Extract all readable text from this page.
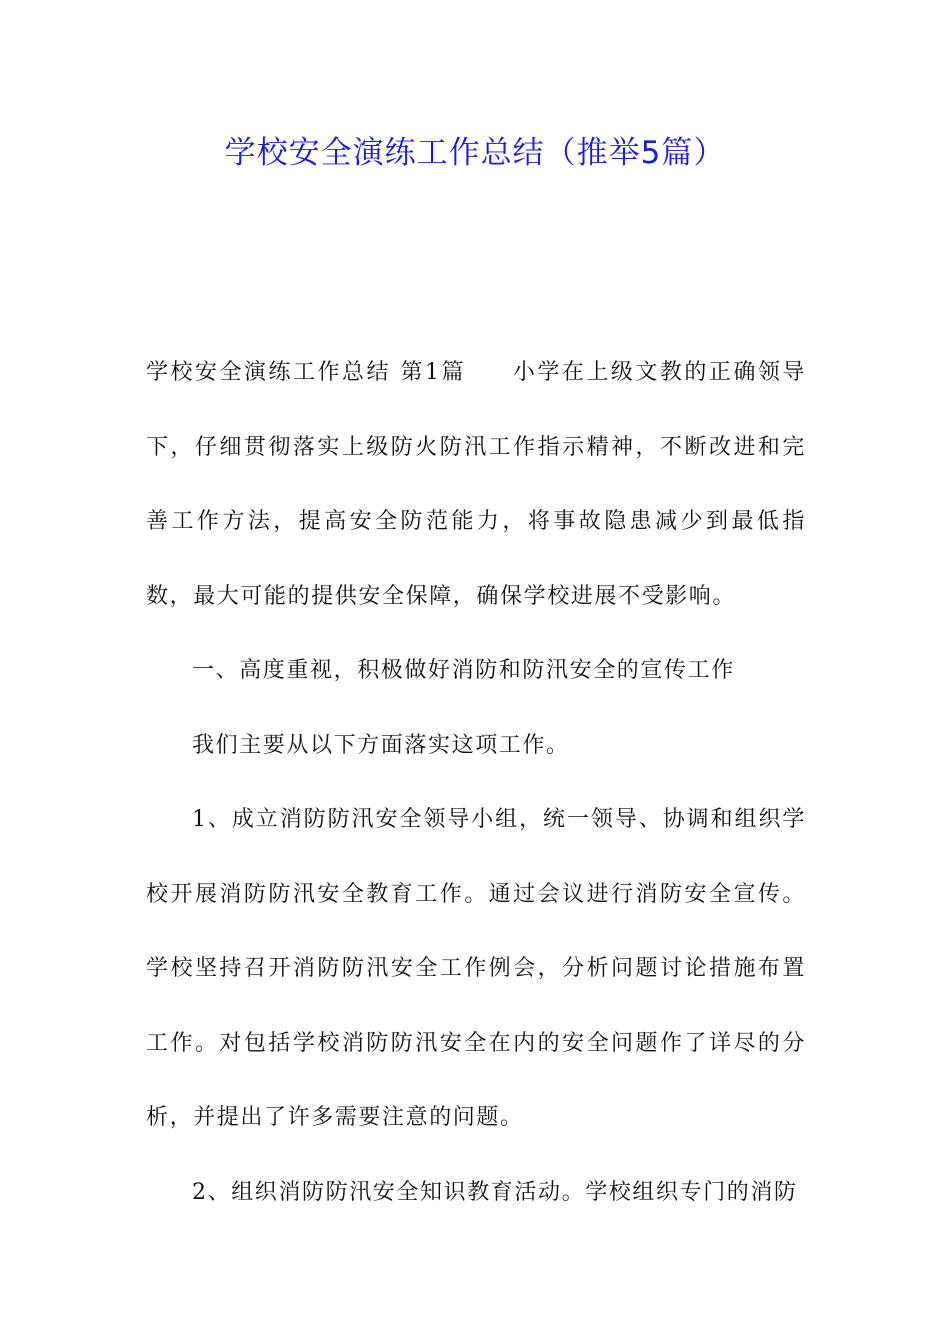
学校安全演练工作总结（推举5篇）

学校安全演练工作总结 第1篇 小学在上级文教的正确领导下，仔细贯彻落实上级防火防汛工作指示精神，不断改进和完善工作方法，提高安全防范能力，将事故隐患减少到最低指数，最大可能的提供安全保障，确保学校进展不受影响。

一、高度重视，积极做好消防和防汛安全的宣传工作

我们主要从以下方面落实这项工作。

1、成立消防防汛安全领导小组，统一领导、协调和组织学校开展消防防汛安全教育工作。通过会议进行消防安全宣传。学校坚持召开消防防汛安全工作例会，分析问题讨论措施布置工作。对包括学校消防防汛安全在内的安全问题作了详尽的分析，并提出了许多需要注意的问题。

2、组织消防防汛安全知识教育活动。学校组织专门的消防
